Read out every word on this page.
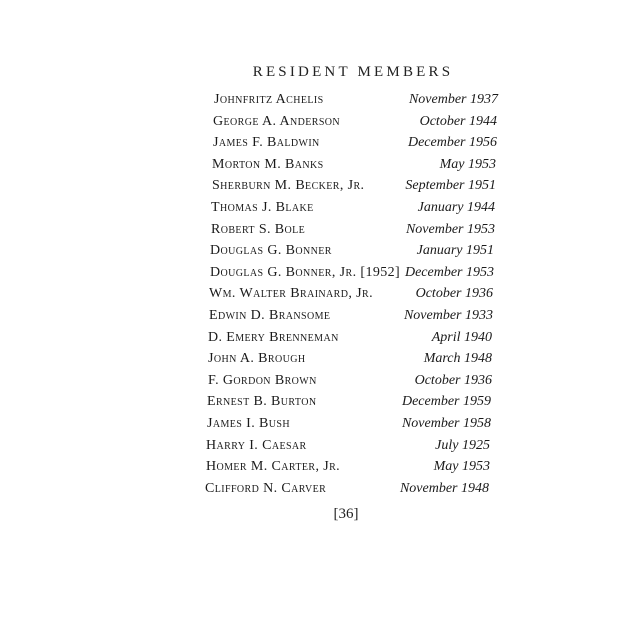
RESIDENT MEMBERS
Johnfritz Achelis	November 1937
George A. Anderson	October 1944
James F. Baldwin	December 1956
Morton M. Banks	May 1953
Sherburn M. Becker, Jr.	September 1951
Thomas J. Blake	January 1944
Robert S. Bole	November 1953
Douglas G. Bonner	January 1951
Douglas G. Bonner, Jr. [1952] December 1953
Wm. Walter Brainard, Jr.	October 1936
Edwin D. Bransome	November 1933
D. Emery Brenneman	April 1940
John A. Brough	March 1948
F. Gordon Brown	October 1936
Ernest B. Burton	December 1959
James I. Bush	November 1958
Harry I. Caesar	July 1925
Homer M. Carter, Jr.	May 1953
Clifford N. Carver	November 1948
[36]
